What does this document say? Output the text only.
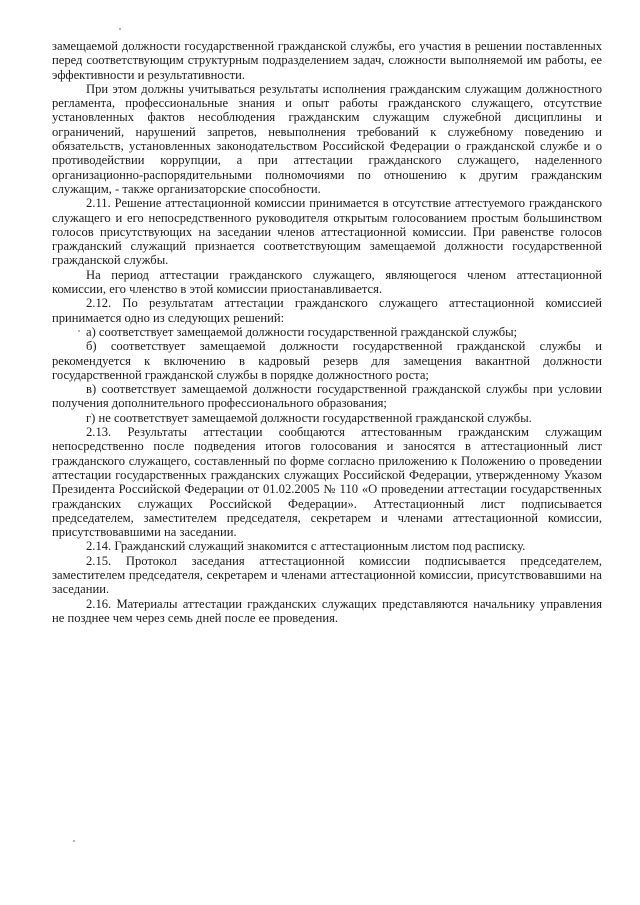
замещаемой должности государственной гражданской службы, его участия в решении поставленных перед соответствующим структурным подразделением задач, сложности выполняемой им работы, ее эффективности и результативности.

При этом должны учитываться результаты исполнения гражданским служащим должностного регламента, профессиональные знания и опыт работы гражданского служащего, отсутствие установленных фактов несоблюдения гражданским служащим служебной дисциплины и ограничений, нарушений запретов, невыполнения требований к служебному поведению и обязательств, установленных законодательством Российской Федерации о гражданской службе и о противодействии коррупции, а при аттестации гражданского служащего, наделенного организационно-распорядительными полномочиями по отношению к другим гражданским служащим, - также организаторские способности.

2.11. Решение аттестационной комиссии принимается в отсутствие аттестуемого гражданского служащего и его непосредственного руководителя открытым голосованием простым большинством голосов присутствующих на заседании членов аттестационной комиссии. При равенстве голосов гражданский служащий признается соответствующим замещаемой должности государственной гражданской службы.

На период аттестации гражданского служащего, являющегося членом аттестационной комиссии, его членство в этой комиссии приостанавливается.

2.12. По результатам аттестации гражданского служащего аттестационной комиссией принимается одно из следующих решений:

а) соответствует замещаемой должности государственной гражданской службы;

б) соответствует замещаемой должности государственной гражданской службы и рекомендуется к включению в кадровый резерв для замещения вакантной должности государственной гражданской службы в порядке должностного роста;

в) соответствует замещаемой должности государственной гражданской службы при условии получения дополнительного профессионального образования;

г) не соответствует замещаемой должности государственной гражданской службы.

2.13. Результаты аттестации сообщаются аттестованным гражданским служащим непосредственно после подведения итогов голосования и заносятся в аттестационный лист гражданского служащего, составленный по форме согласно приложению к Положению о проведении аттестации государственных гражданских служащих Российской Федерации, утвержденному Указом Президента Российской Федерации от 01.02.2005 № 110 «О проведении аттестации государственных гражданских служащих Российской Федерации». Аттестационный лист подписывается председателем, заместителем председателя, секретарем и членами аттестационной комиссии, присутствовавшими на заседании.

2.14. Гражданский служащий знакомится с аттестационным листом под расписку.

2.15. Протокол заседания аттестационной комиссии подписывается председателем, заместителем председателя, секретарем и членами аттестационной комиссии, присутствовавшими на заседании.

2.16. Материалы аттестации гражданских служащих представляются начальнику управления не позднее чем через семь дней после ее проведения.
